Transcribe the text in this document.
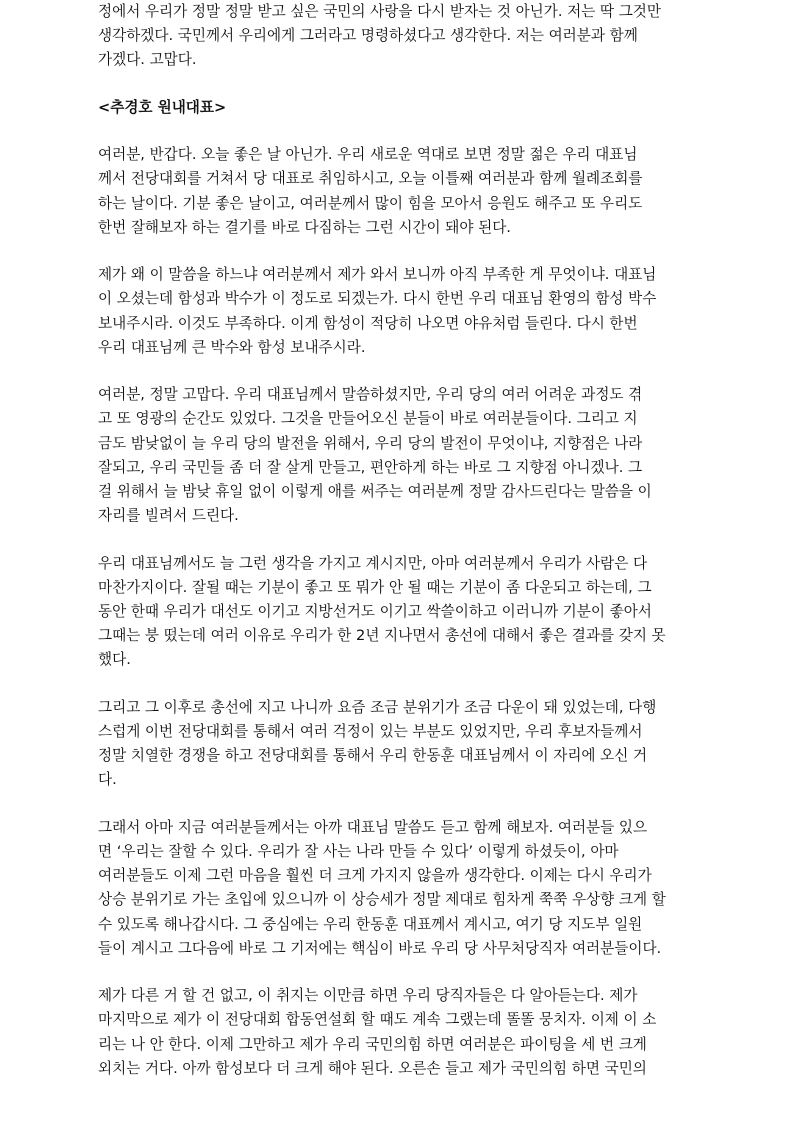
정에서 우리가 정말 정말 받고 싶은 국민의 사랑을 다시 받자는 것 아닌가. 저는 딱 그것만
생각하겠다. 국민께서 우리에게 그러라고 명령하셨다고 생각한다. 저는 여러분과 함께
가겠다. 고맙다.

<추경호 원내대표>

여러분, 반갑다. 오늘 좋은 날 아닌가. 우리 새로운 역대로 보면 정말 젊은 우리 대표님
께서 전당대회를 거쳐서 당 대표로 취임하시고, 오늘 이틀째 여러분과 함께 월례조회를
하는 날이다. 기분 좋은 날이고, 여러분께서 많이 힘을 모아서 응원도 해주고 또 우리도
한번 잘해보자 하는 결기를 바로 다짐하는 그런 시간이 돼야 된다.

제가 왜 이 말씀을 하느냐 여러분께서 제가 와서 보니까 아직 부족한 게 무엇이냐. 대표님
이 오셨는데 함성과 박수가 이 정도로 되겠는가. 다시 한번 우리 대표님 환영의 함성 박수
보내주시라. 이것도 부족하다. 이게 함성이 적당히 나오면 야유처럼 들린다. 다시 한번
우리 대표님께 큰 박수와 함성 보내주시라.

여러분, 정말 고맙다. 우리 대표님께서 말씀하셨지만, 우리 당의 여러 어려운 과정도 겪
고 또 영광의 순간도 있었다. 그것을 만들어오신 분들이 바로 여러분들이다. 그리고 지
금도 밤낮없이 늘 우리 당의 발전을 위해서, 우리 당의 발전이 무엇이냐, 지향점은 나라
잘되고, 우리 국민들 좀 더 잘 살게 만들고, 편안하게 하는 바로 그 지향점 아니겠나. 그
걸 위해서 늘 밤낮 휴일 없이 이렇게 애를 써주는 여러분께 정말 감사드린다는 말씀을 이
자리를 빌려서 드린다.

우리 대표님께서도 늘 그런 생각을 가지고 계시지만, 아마 여러분께서 우리가 사람은 다
마찬가지이다. 잘될 때는 기분이 좋고 또 뭐가 안 될 때는 기분이 좀 다운되고 하는데, 그
동안 한때 우리가 대선도 이기고 지방선거도 이기고 싹쓸이하고 이러니까 기분이 좋아서
그때는 붕 떴는데 여러 이유로 우리가 한 2년 지나면서 총선에 대해서 좋은 결과를 갖지 못
했다.

그리고 그 이후로 총선에 지고 나니까 요즘 조금 분위기가 조금 다운이 돼 있었는데, 다행
스럽게 이번 전당대회를 통해서 여러 걱정이 있는 부분도 있었지만, 우리 후보자들께서
정말 치열한 경쟁을 하고 전당대회를 통해서 우리 한동훈 대표님께서 이 자리에 오신 거
다.

그래서 아마 지금 여러분들께서는 아까 대표님 말씀도 듣고 함께 해보자. 여러분들 있으
면 ‘우리는 잘할 수 있다. 우리가 잘 사는 나라 만들 수 있다’ 이렇게 하셨듯이, 아마
여러분들도 이제 그런 마음을 훨씬 더 크게 가지지 않을까 생각한다. 이제는 다시 우리가
상승 분위기로 가는 초입에 있으니까 이 상승세가 정말 제대로 힘차게 쭉쭉 우상향 크게 할
수 있도록 해나갑시다. 그 중심에는 우리 한동훈 대표께서 계시고, 여기 당 지도부 일원
들이 계시고 그다음에 바로 그 기저에는 핵심이 바로 우리 당 사무처당직자 여러분들이다.

제가 다른 거 할 건 없고, 이 취지는 이만큼 하면 우리 당직자들은 다 알아듣는다. 제가
마지막으로 제가 이 전당대회 합동연설회 할 때도 계속 그랬는데 똘똘 뭉치자. 이제 이 소
리는 나 안 한다. 이제 그만하고 제가 우리 국민의힘 하면 여러분은 파이팅을 세 번 크게
외치는 거다. 아까 함성보다 더 크게 해야 된다. 오른손 들고 제가 국민의힘 하면 국민의
